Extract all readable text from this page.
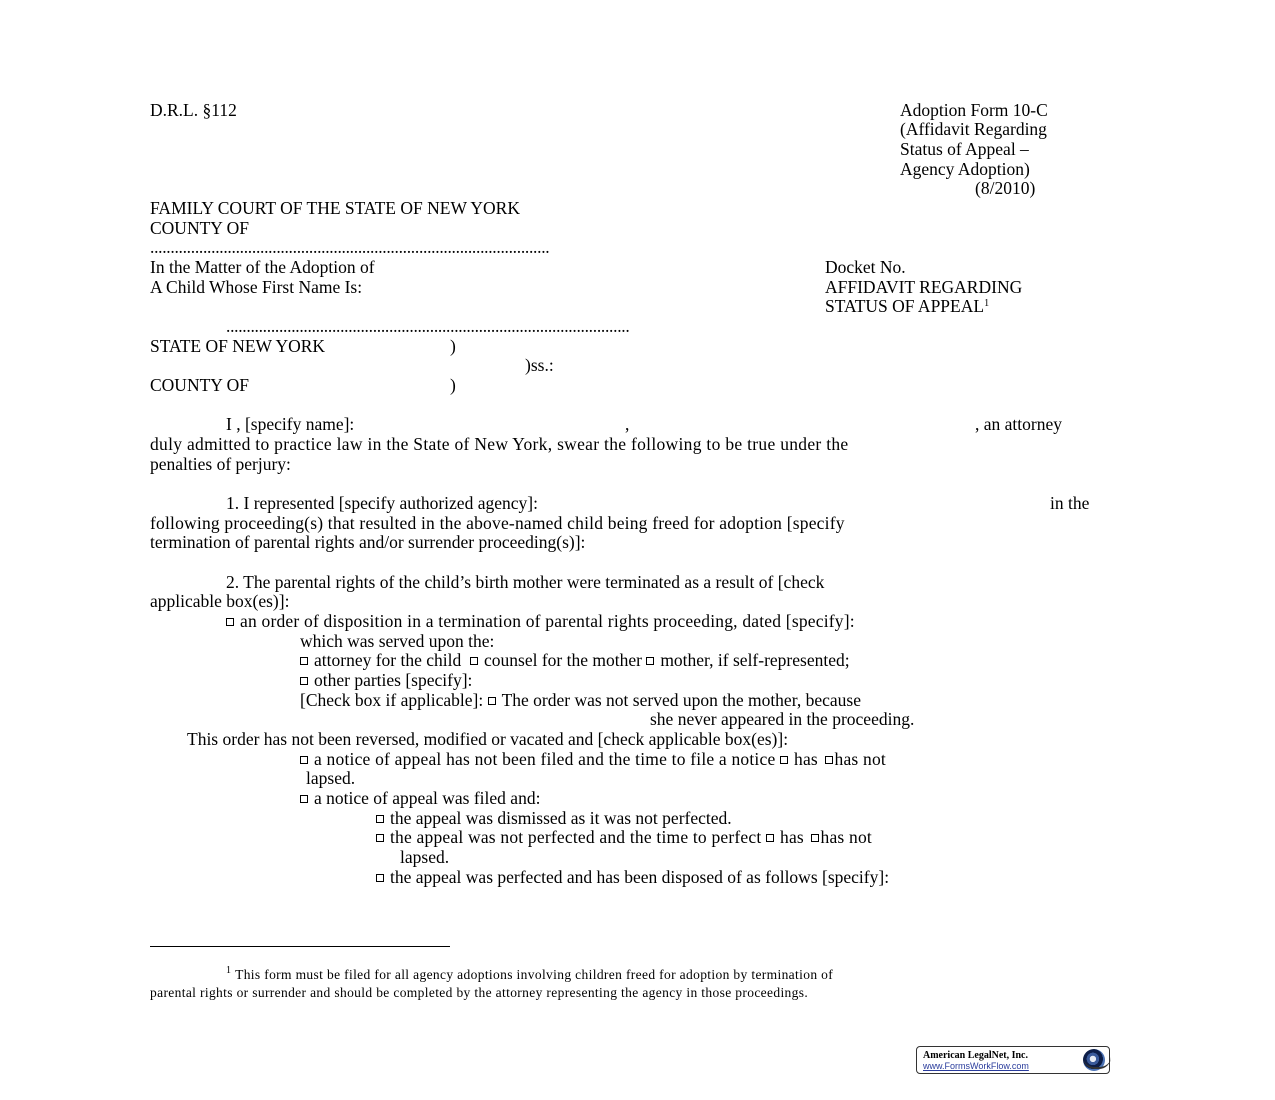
D.R.L. §112	Adoption Form 10-C
(Affidavit Regarding
Status of Appeal –
Agency Adoption)
(8/2010)
FAMILY COURT OF THE STATE OF NEW YORK
COUNTY OF
..................................................................................................
In the Matter of the Adoption of
A Child Whose First Name Is:
Docket No.
AFFIDAVIT REGARDING
STATUS OF APPEAL$^1$
...................................................................................................
STATE OF NEW YORK	)
)ss.:
COUNTY OF	)
I , [specify name]:	,	, an attorney
duly admitted to practice law in the State of New York, swear the following to be true under the
penalties of perjury:
1. I represented [specify authorized agency]:	in the
following proceeding(s) that resulted in the above-named child being freed for adoption [specify
termination of parental rights and/or surrender proceeding(s)]:
2. The parental rights of the child’s birth mother were terminated as a result of [check
applicable box(es)]:
an order of disposition in a termination of parental rights proceeding, dated [specify]:
which was served upon the:
attorney for the child counsel for the mother mother, if self-represented;
other parties [specify]:
[Check box if applicable]: The order was not served upon the mother, because
she never appeared in the proceeding.
This order has not been reversed, modified or vacated and [check applicable box(es)]:
a notice of appeal has not been filed and the time to file a notice has has not
lapsed.
a notice of appeal was filed and:
the appeal was dismissed as it was not perfected.
the appeal was not perfected and the time to perfect has has not
lapsed.
the appeal was perfected and has been disposed of as follows [specify]:
$^1$ This form must be filed for all agency adoptions involving children freed for adoption by termination of
parental rights or surrender and should be completed by the attorney representing the agency in those proceedings.
American LegalNet, Inc.
www.FormsWorkFlow.com
